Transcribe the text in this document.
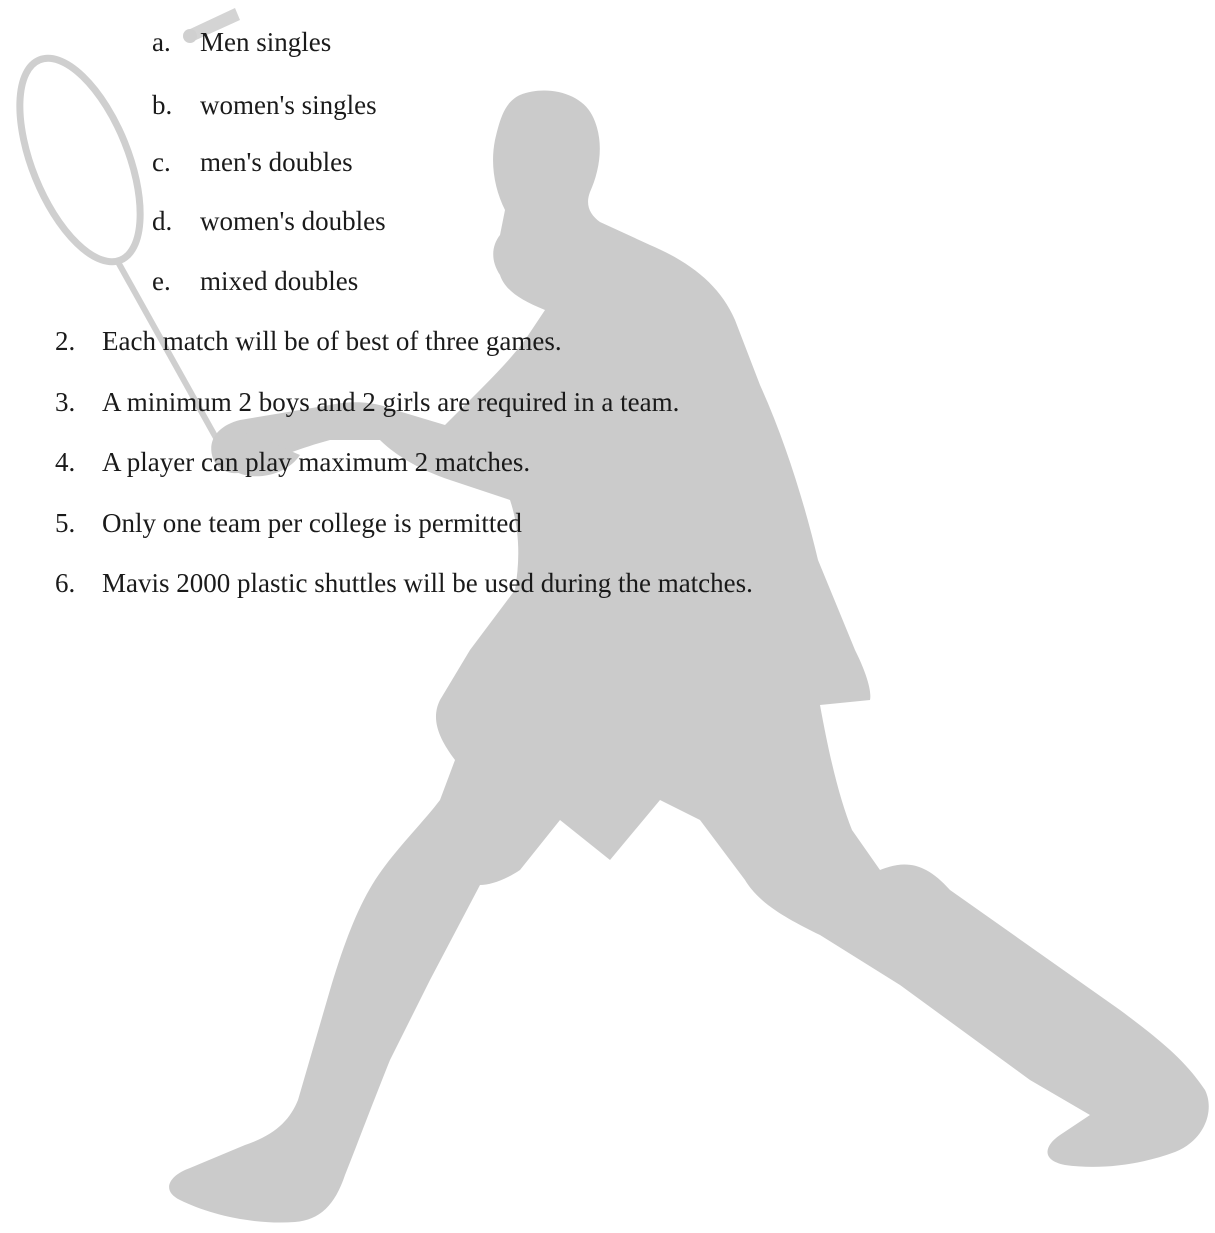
a.	Men singles
b.	women's singles
c.	men's doubles
d.	women's doubles
e.	mixed doubles
2. Each match will be of best of three games.
3. A minimum 2 boys and 2 girls are required in a team.
4. A player can play maximum 2 matches.
5. Only one team per college is permitted
6. Mavis 2000 plastic shuttles will be used during the matches.
